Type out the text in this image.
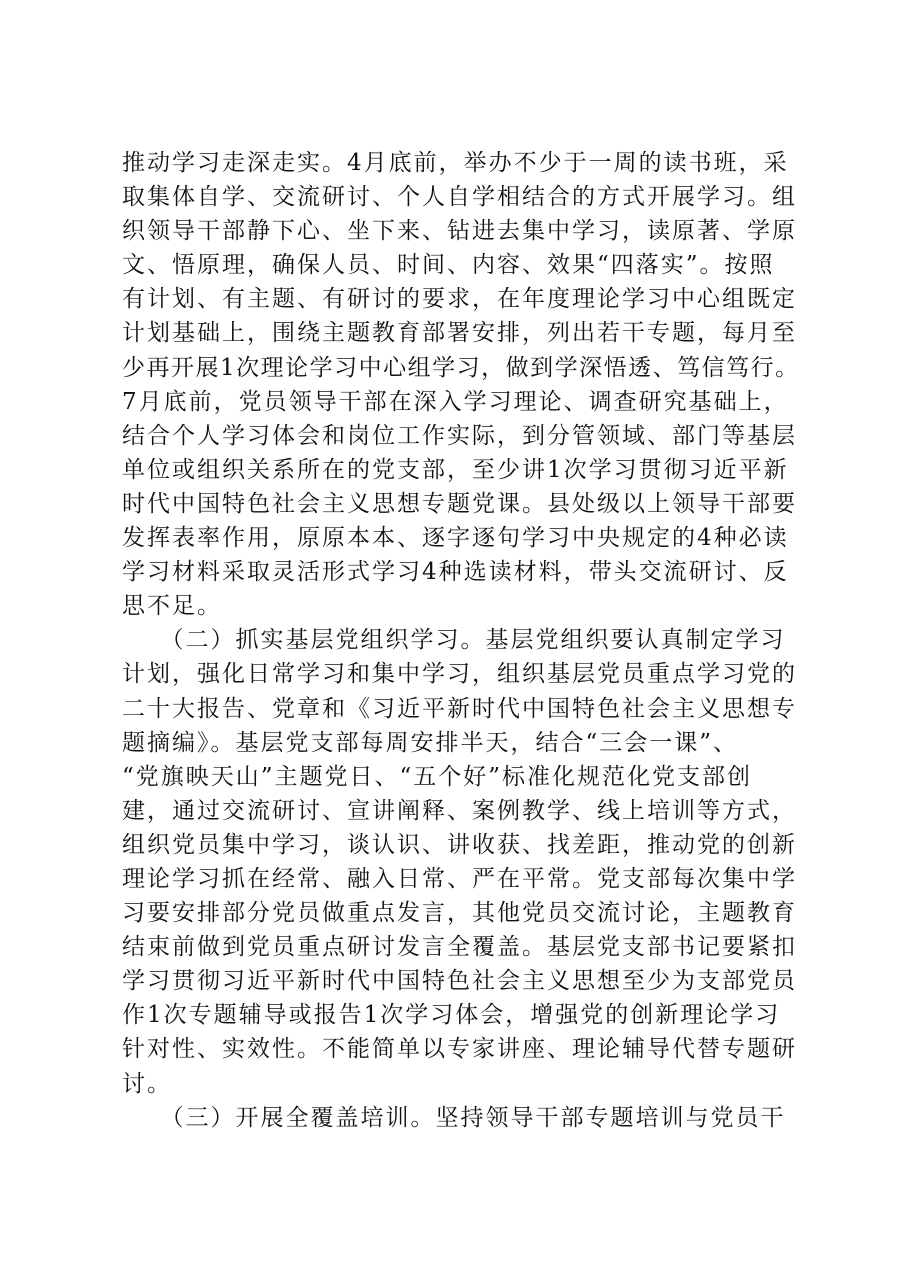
推动学习走深走实。4月底前，举办不少于一周的读书班，采
取集体自学、交流研讨、个人自学相结合的方式开展学习。组
织领导干部静下心、坐下来、钻进去集中学习，读原著、学原
文、悟原理，确保人员、时间、内容、效果“四落实”。按照
有计划、有主题、有研讨的要求，在年度理论学习中心组既定
计划基础上，围绕主题教育部署安排，列出若干专题，每月至
少再开展1次理论学习中心组学习，做到学深悟透、笃信笃行。
7月底前，党员领导干部在深入学习理论、调查研究基础上，
结合个人学习体会和岗位工作实际，到分管领域、部门等基层
单位或组织关系所在的党支部，至少讲1次学习贯彻习近平新
时代中国特色社会主义思想专题党课。县处级以上领导干部要
发挥表率作用，原原本本、逐字逐句学习中央规定的4种必读
学习材料采取灵活形式学习4种选读材料，带头交流研讨、反
思不足。
　　（二）抓实基层党组织学习。基层党组织要认真制定学习
计划，强化日常学习和集中学习，组织基层党员重点学习党的
二十大报告、党章和《习近平新时代中国特色社会主义思想专
题摘编》。基层党支部每周安排半天，结合“三会一课”、
“党旗映天山”主题党日、“五个好”标准化规范化党支部创
建，通过交流研讨、宣讲阐释、案例教学、线上培训等方式，
组织党员集中学习，谈认识、讲收获、找差距，推动党的创新
理论学习抓在经常、融入日常、严在平常。党支部每次集中学
习要安排部分党员做重点发言，其他党员交流讨论，主题教育
结束前做到党员重点研讨发言全覆盖。基层党支部书记要紧扣
学习贯彻习近平新时代中国特色社会主义思想至少为支部党员
作1次专题辅导或报告1次学习体会，增强党的创新理论学习
针对性、实效性。不能简单以专家讲座、理论辅导代替专题研
讨。
　　（三）开展全覆盖培训。坚持领导干部专题培训与党员干
